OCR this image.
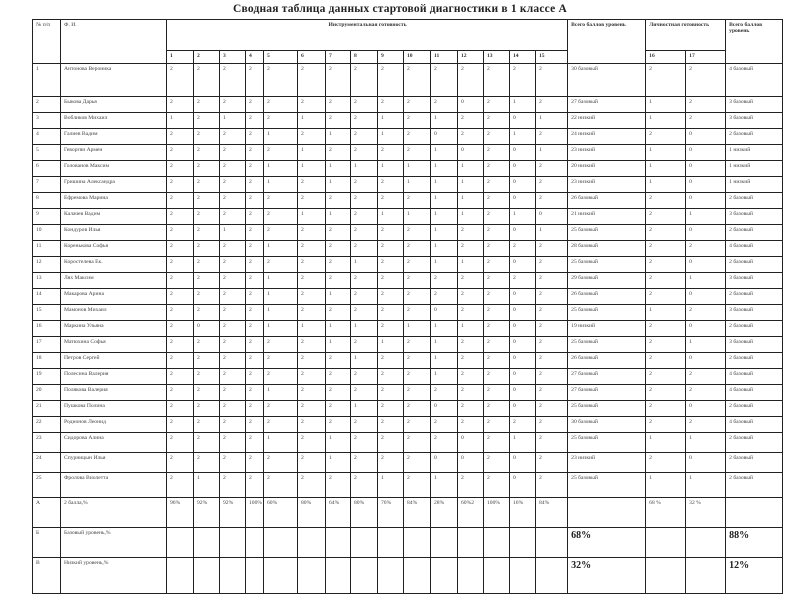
Сводная таблица данных стартовой диагностики в 1 классе А
№ п/п	Ф. И.	Инструментальная готовность															Всего баллов уровень	Личностная готовность		Всего баллов уровень
		1	2	3	4	5	6	7	8	9	10	11	12	13	14	15		16	17	
1	Антонова Вероника	2	2	2	2	2	2	2	2	2	2	2	2	2	2	2	30 базовый	2	2	4 базовый
2	Быкова Дарья	2	2	2	2	2	2	2	2	2	2	2	0	2	1	2	27 базовый	1	2	3 базовый
3	Вобликов Михаил	1	2	1	2	2	1	2	2	1	2	1	2	2	0	1	22 низкий	1	2	3 базовый
4	Галиев Вадим	2	2	2	2	1	2	1	2	1	2	0	2	2	1	2	24 низкий	2	0	2 базовый
5	Геворгян Армен	2	2	2	2	2	1	2	2	2	2	1	0	2	0	1	23 низкий	1	0	1 низкий
6	Голованов Максим	2	2	2	2	1	1	1	1	1	1	1	1	2	0	2	20 низкий	1	0	1 низкий
7	Гришина Александра	2	2	2	2	1	2	1	2	2	1	1	1	2	0	2	23 низкий	1	0	1 низкий
8	Ефремова Марина	2	2	2	2	2	2	2	2	2	2	1	1	2	0	2	26 базовый	2	0	2 базовый
9	Калачев Вадим	2	2	2	2	2	1	1	2	1	1	1	1	2	1	0	21 низкий	2	1	3 базовый
10	Кондуров Илья	2	2	1	2	2	2	2	2	2	2	1	2	2	0	1	25 базовый	2	0	2 базовый
11	Коренькова Софья	2	2	2	2	1	2	2	2	2	2	1	2	2	2	2	28 базовый	2	2	4 базовый
12	Коростелева Ек.	2	2	2	2	2	2	2	1	2	2	1	1	2	0	2	25 базовый	2	0	2 базовый
13	Лях Максим	2	2	2	2	1	2	2	2	2	2	2	2	2	2	2	29 базовый	2	1	3 базовый
14	Макарова Арина	2	2	2	2	1	2	1	2	2	2	2	2	2	0	2	26 базовый	2	0	2 базовый
15	Мамонов Михаил	2	2	2	2	1	2	2	2	2	2	0	2	2	0	2	25 базовый	1	2	3 базовый
16	Маркина Ульяна	2	0	2	2	1	1	1	1	2	1	1	1	2	0	2	19 низкий	2	0	2 базовый
17	Матюхина Софья	2	2	2	2	2	2	1	2	1	2	1	2	2	0	2	25 базовый	2	1	3 базовый
18	Петров Сергей	2	2	2	2	2	2	2	1	2	2	1	2	2	0	2	26 базовый	2	0	2 базовый
19	Полесина Валерия	2	2	2	2	2	2	2	2	2	2	1	2	2	0	2	27 базовый	2	2	4 базовый
20	Полякова Валерия	2	2	2	2	1	2	2	2	2	2	2	2	2	0	2	27 базовый	2	2	4 базовый
21	Пушкова Полина	2	2	2	2	2	2	2	1	2	2	0	2	2	0	2	25 базовый	2	0	2 базовый
22	Родионов Леонид	2	2	2	2	2	2	2	2	2	2	2	2	2	2	2	30 базовый	2	2	4 базовый
23	Сидорова Алина	2	2	2	2	1	2	1	2	2	2	2	0	2	1	2	25 базовый	1	1	2 базовый
24	Спурницын Илья	2	2	2	2	2	2	1	2	2	2	0	0	2	0	2	23 низкий	2	0	2 базовый
25	Фролова Виолетта	2	1	2	2	2	2	2	2	1	2	1	2	2	0	2	25 базовый	1	1	2 базовый
А	2 балла,%	96%	92%	92%	100%	60%	80%	64%	80%	76%	84%	28%	60%2	100%	16%	84%		68 %	32 %	
Б	Базовый уровень,%																68%			88%
В	Низкий уровень,%																32%			12%
